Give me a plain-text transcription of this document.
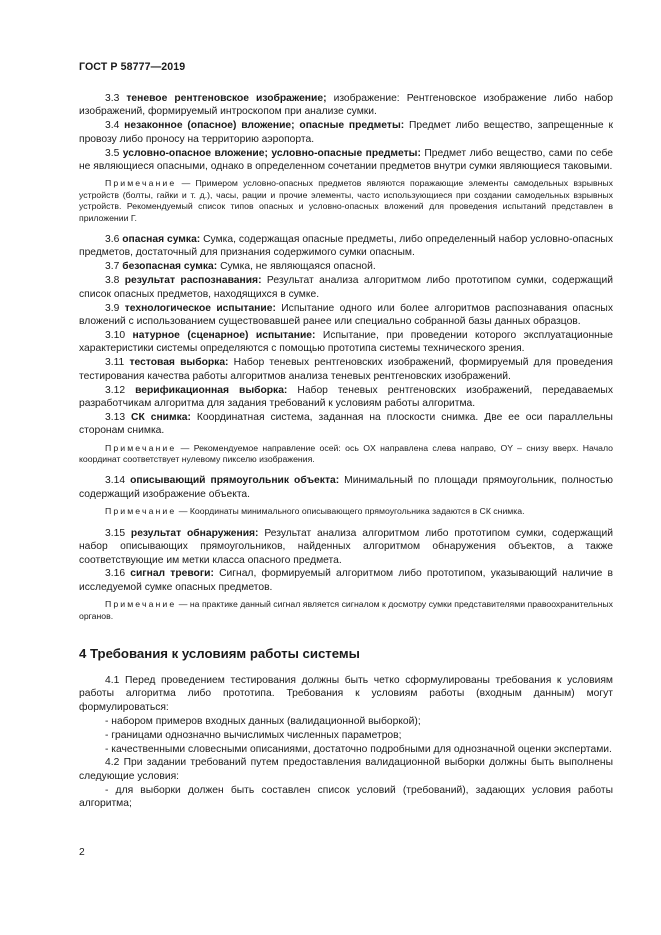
ГОСТ Р 58777—2019

3.3 теневое рентгеновское изображение; изображение: Рентгеновское изображение либо набор изображений, формируемый интроскопом при анализе сумки.

3.4 незаконное (опасное) вложение; опасные предметы: Предмет либо вещество, запрещенные к провозу либо проносу на территорию аэропорта.

3.5 условно-опасное вложение; условно-опасные предметы: Предмет либо вещество, сами по себе не являющиеся опасными, однако в определенном сочетании предметов внутри сумки являющиеся таковыми.

Примечание — Примером условно-опасных предметов являются поражающие элементы самодельных взрывных устройств (болты, гайки и т. д.), часы, рации и прочие элементы, часто использующиеся при создании самодельных взрывных устройств. Рекомендуемый список типов опасных и условно-опасных вложений для проведения испытаний представлен в приложении Г.

3.6 опасная сумка: Сумка, содержащая опасные предметы, либо определенный набор условно-опасных предметов, достаточный для признания содержимого сумки опасным.

3.7 безопасная сумка: Сумка, не являющаяся опасной.

3.8 результат распознавания: Результат анализа алгоритмом либо прототипом сумки, содержащий список опасных предметов, находящихся в сумке.

3.9 технологическое испытание: Испытание одного или более алгоритмов распознавания опасных вложений с использованием существовавшей ранее или специально собранной базы данных образцов.

3.10 натурное (сценарное) испытание: Испытание, при проведении которого эксплуатационные характеристики системы определяются с помощью прототипа системы технического зрения.

3.11 тестовая выборка: Набор теневых рентгеновских изображений, формируемый для проведения тестирования качества работы алгоритмов анализа теневых рентгеновских изображений.

3.12 верификационная выборка: Набор теневых рентгеновских изображений, передаваемых разработчикам алгоритма для задания требований к условиям работы алгоритма.

3.13 СК снимка: Координатная система, заданная на плоскости снимка. Две ее оси параллельны сторонам снимка.

Примечание — Рекомендуемое направление осей: ось OX направлена слева направо, OY – снизу вверх. Начало координат соответствует нулевому пикселю изображения.

3.14 описывающий прямоугольник объекта: Минимальный по площади прямоугольник, полностью содержащий изображение объекта.

Примечание — Координаты минимального описывающего прямоугольника задаются в СК снимка.

3.15 результат обнаружения: Результат анализа алгоритмом либо прототипом сумки, содержащий набор описывающих прямоугольников, найденных алгоритмом обнаружения объектов, а также соответствующие им метки класса опасного предмета.

3.16 сигнал тревоги: Сигнал, формируемый алгоритмом либо прототипом, указывающий наличие в исследуемой сумке опасных предметов.

Примечание — на практике данный сигнал является сигналом к досмотру сумки представителями правоохранительных органов.

4 Требования к условиям работы системы

4.1 Перед проведением тестирования должны быть четко сформулированы требования к условиям работы алгоритма либо прототипа. Требования к условиям работы (входным данным) могут формулироваться:

- набором примеров входных данных (валидационной выборкой);

- границами однозначно вычислимых численных параметров;

- качественными словесными описаниями, достаточно подробными для однозначной оценки экспертами.

4.2 При задании требований путем предоставления валидационной выборки должны быть выполнены следующие условия:

- для выборки должен быть составлен список условий (требований), задающих условия работы алгоритма;

2
